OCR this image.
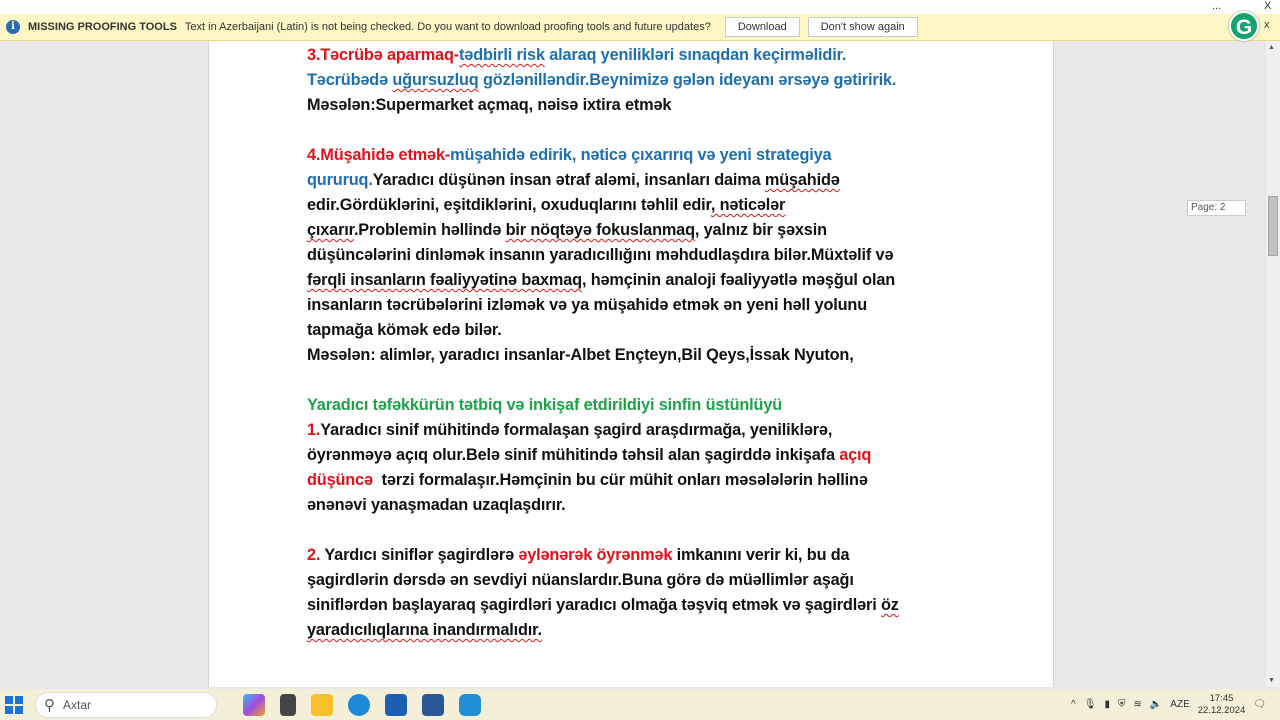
...	X
i	MISSING PROOFING TOOLS Text in Azerbaijani (Latin) is not being checked. Do you want to download proofing tools and future updates?	Download	Don't show again	G	x
3.Təcrübə aparmaq-tədbirli risk alaraq yenilikləri sınaqdan keçirməlidir.
Təcrübədə uğursuzluq gözlənilləndir.Beynimizə gələn ideyanı ərsəyə gətiririk.
Məsələn:Supermarket açmaq, nəisə ixtira etmək
4.Müşahidə etmək-müşahidə edirik, nəticə çıxarırıq və yeni strategiya
qururuq.Yaradıcı düşünən insan ətraf aləmi, insanları daima müşahidə
edir.Gördüklərini, eşitdiklərini, oxuduqlarını təhlil edir, nəticələr
çıxarır.Problemin həllində bir nöqtəyə fokuslanmaq, yalnız bir şəxsin
düşüncələrini dinləmək insanın yaradıcıllığını məhdudlaşdıra bilər.Müxtəlif və
fərqli insanların fəaliyyətinə baxmaq, həmçinin analoji fəaliyyətlə məşğul olan
insanların təcrübələrini izləmək və ya müşahidə etmək ən yeni həll yolunu
tapmağa kömək edə bilər.
Məsələn: alimlər, yaradıcı insanlar-Albet Ençteyn,Bil Qeys,İssak Nyuton,
Yaradıcı təfəkkürün tətbiq və inkişaf etdirildiyi sinfin üstünlüyü
1.Yaradıcı sinif mühitində formalaşan şagird araşdırmağa, yeniliklərə,
öyrənməyə açıq olur.Belə sinif mühitində təhsil alan şagirddə inkişafa açıq
düşüncə  tərzi formalaşır.Həmçinin bu cür mühit onları məsələlərin həllinə
ənənəvi yanaşmadan uzaqlaşdırır.
2. Yardıcı siniflər şagirdlərə əylənərək öyrənmək imkanını verir ki, bu da
şagirdlərin dərsdə ən sevdiyi nüanslardır.Buna görə də müəllimlər aşağı
siniflərdən başlayaraq şagirdləri yaradıcı olmağa təşviq etmək və şagirdləri öz
yaradıcılıqlarına inandırmalıdır.
▲
▼
Page: 2
⚲ Axtar	^ 🎙 ▮ ⛨ ≋ 🔈 AZE
17:45
22.12.2024 🗨
